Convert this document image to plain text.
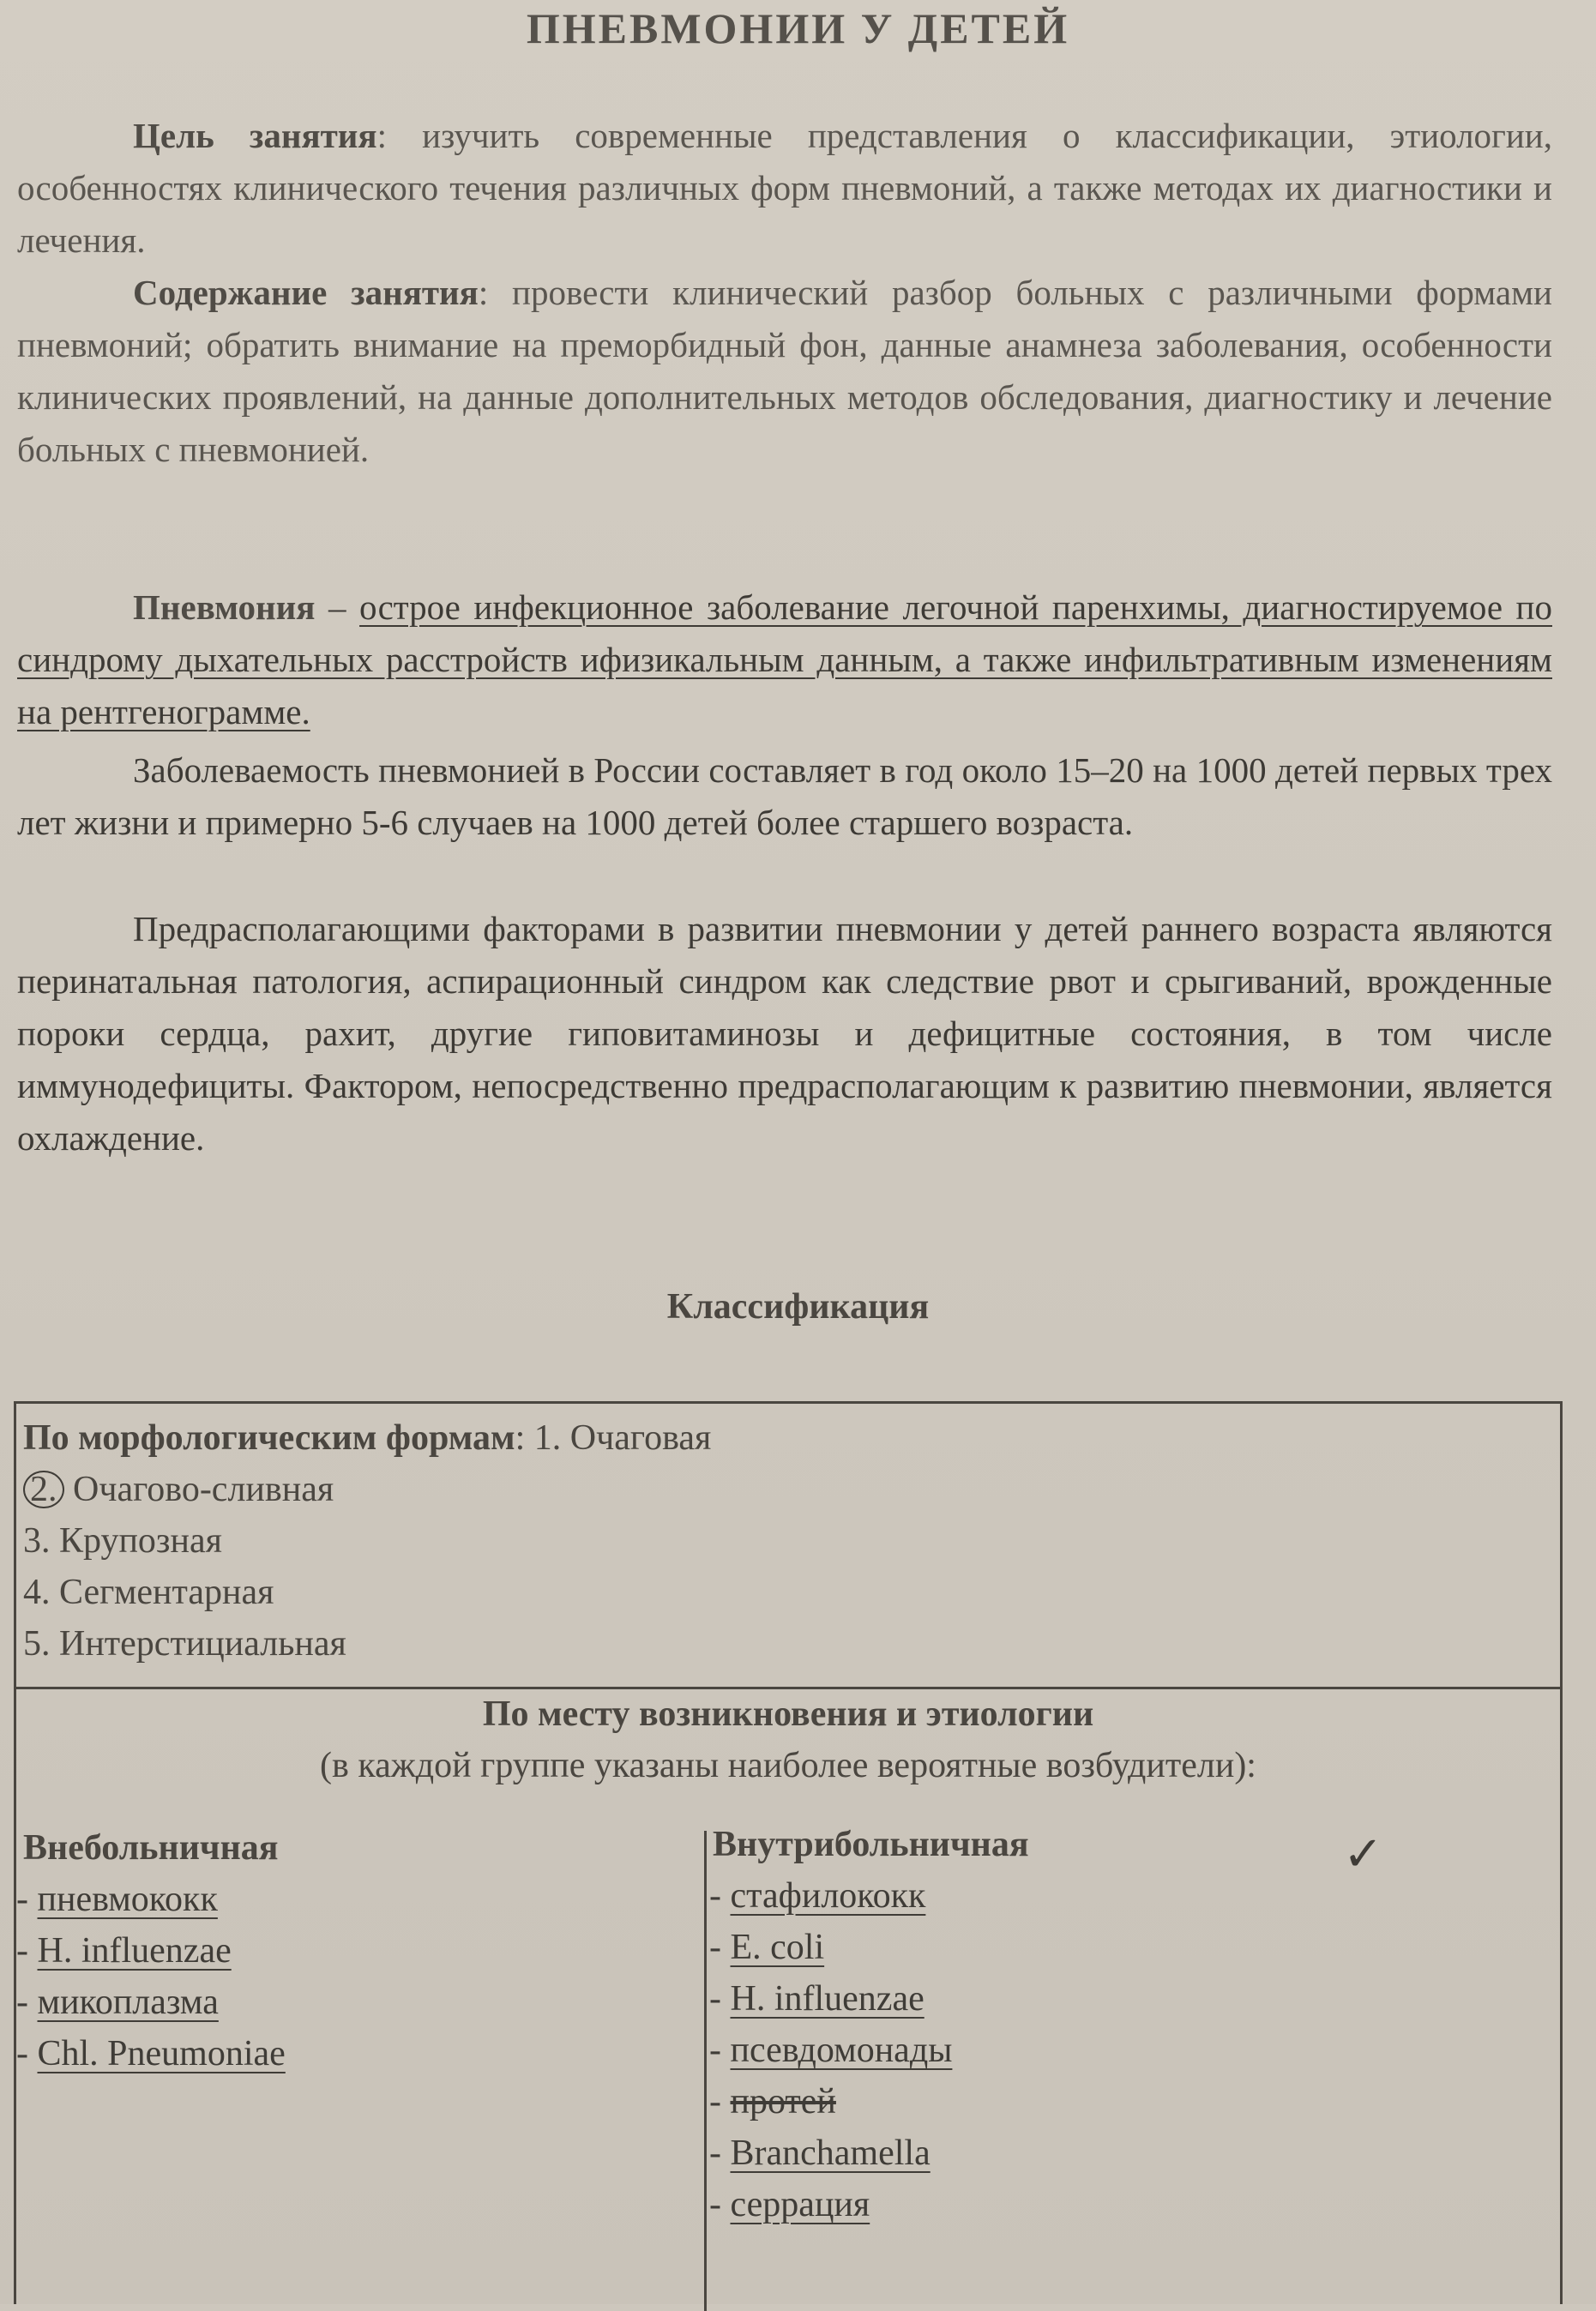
ПНЕВМОНИИ У ДЕТЕЙ
Цель занятия: изучить современные представления о классификации, этиологии, особенностях клинического течения различных форм пневмоний, а также методах их диагностики и лечения.
Содержание занятия: провести клинический разбор больных с различными формами пневмоний; обратить внимание на преморбидный фон, данные анамнеза заболевания, особенности клинических проявлений, на данные дополнительных методов обследования, диагностику и лечение больных с пневмонией.
Пневмония – острое инфекционное заболевание легочной паренхимы, диагностируемое по синдрому дыхательных расстройств ифизикальным данным, а также инфильтративным изменениям на рентгенограмме.
Заболеваемость пневмонией в России составляет в год около 15–20 на 1000 детей первых трех лет жизни и примерно 5-6 случаев на 1000 детей более старшего возраста.
Предрасполагающими факторами в развитии пневмонии у детей раннего возраста являются перинатальная патология, аспирационный синдром как следствие рвот и срыгиваний, врожденные пороки сердца, рахит, другие гиповитаминозы и дефицитные состояния, в том числе иммунодефициты. Фактором, непосредственно предрасполагающим к развитию пневмонии, является охлаждение.
Классификация
По морфологическим формам: 1. Очаговая
2. Очагово-сливная
3. Крупозная
4. Сегментарная
5. Интерстициальная
По месту возникновения и этиологии
(в каждой группе указаны наиболее вероятные возбудители):
Внебольничная	Внутрибольничная
‐ пневмококк
‐ H. influenzae
‐ микоплазма
‐ Chl. Pneumoniae
‐ стафилококк
‐ E. coli
‐ H. influenzae
‐ псевдомонады
‐ протей
‐ Branchamella
‐ серрация
✓
